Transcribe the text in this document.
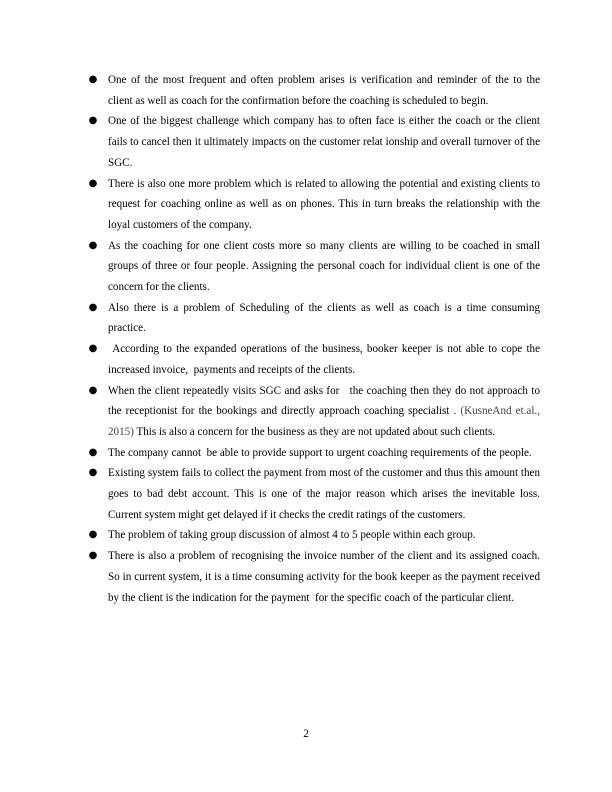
● One of the most frequent and often problem arises is verification and reminder of the to the client as well as coach for the confirmation before the coaching is scheduled to begin.
● One of the biggest challenge which company has to often face is either the coach or the client fails to cancel then it ultimately impacts on the customer relat ionship and overall turnover of the SGC.
● There is also one more problem which is related to allowing the potential and existing clients to request for coaching online as well as on phones. This in turn breaks the relationship with the loyal customers of the company.
● As the coaching for one client costs more so many clients are willing to be coached in small groups of three or four people. Assigning the personal coach for individual client is one of the concern for the clients.
● Also there is a problem of Scheduling of the clients as well as coach is a time consuming practice.
● According to the expanded operations of the business, booker keeper is not able to cope the increased invoice,  payments and receipts of the clients.
● When the client repeatedly visits SGC and asks for   the coaching then they do not approach to the receptionist for the bookings and directly approach coaching specialist . (KusneAnd et.al., 2015) This is also a concern for the business as they are not updated about such clients.
● The company cannot  be able to provide support to urgent coaching requirements of the people.
● Existing system fails to collect the payment from most of the customer and thus this amount then goes to bad debt account. This is one of the major reason which arises the inevitable loss. Current system might get delayed if it checks the credit ratings of the customers.
● The problem of taking group discussion of almost 4 to 5 people within each group.
● There is also a problem of recognising the invoice number of the client and its assigned coach. So in current system, it is a time consuming activity for the book keeper as the payment received by the client is the indication for the payment  for the specific coach of the particular client.
2
